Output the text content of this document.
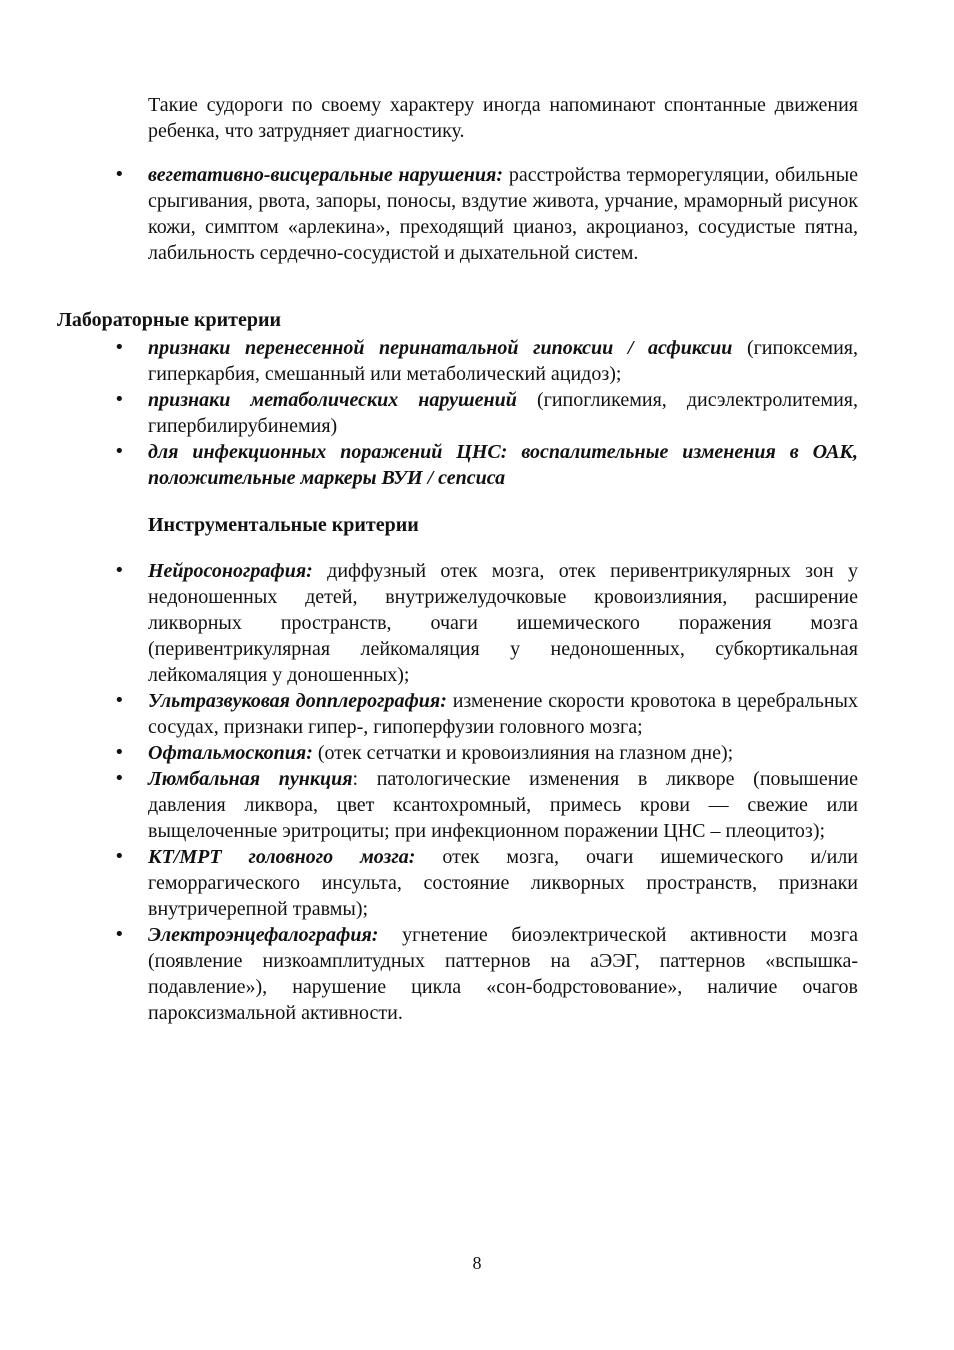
Такие судороги по своему характеру иногда напоминают спонтанные движения ребенка, что затрудняет диагностику.

• вегетативно-висцеральные нарушения: расстройства терморегуляции, обильные срыгивания, рвота, запоры, поносы, вздутие живота, урчание, мраморный рисунок кожи, симптом «арлекина», преходящий цианоз, акроцианоз, сосудистые пятна, лабильность сердечно-сосудистой и дыхательной систем.
Лабораторные критерии
• признаки перенесенной перинатальной гипоксии / асфиксии (гипоксемия, гиперкарбия, смешанный или метаболический ацидоз);
• признаки метаболических нарушений (гипогликемия, дисэлектролитемия, гипербилирубинемия)
• для инфекционных поражений ЦНС: воспалительные изменения в ОАК, положительные маркеры ВУИ / сепсиса
Инструментальные критерии
• Нейросонография: диффузный отек мозга, отек перивентрикулярных зон у недоношенных детей, внутрижелудочковые кровоизлияния, расширение ликворных пространств, очаги ишемического поражения мозга (перивентрикулярная лейкомаляция у недоношенных, субкортикальная лейкомаляция у доношенных);
• Ультразвуковая допплерография: изменение скорости кровотока в церебральных сосудах, признаки гипер-, гипоперфузии головного мозга;
• Офтальмоскопия: (отек сетчатки и кровоизлияния на глазном дне);
• Люмбальная пункция: патологические изменения в ликворе (повышение давления ликвора, цвет ксантохромный, примесь крови — свежие или выщелоченные эритроциты; при инфекционном поражении ЦНС – плеоцитоз);
• КТ/МРТ головного мозга: отек мозга, очаги ишемического и/или геморрагического инсульта, состояние ликворных пространств, признаки внутричерепной травмы);
• Электроэнцефалография: угнетение биоэлектрической активности мозга (появление низкоамплитудных паттернов на аЭЭГ, паттернов «вспышка-подавление»), нарушение цикла «сон-бодрстовование», наличие очагов пароксизмальной активности.
8
